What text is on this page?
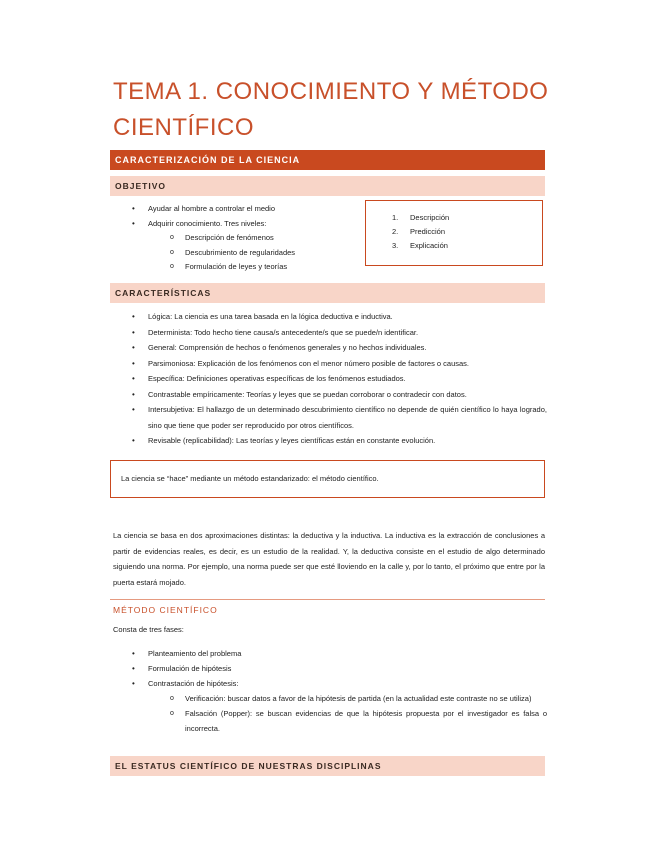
TEMA 1. CONOCIMIENTO Y MÉTODO CIENTÍFICO
CARACTERIZACIÓN DE LA CIENCIA
OBJETIVO
• Ayudar al hombre a controlar el medio
• Adquirir conocimiento. Tres niveles:
o Descripción de fenómenos
o Descubrimiento de regularidades
o Formulación de leyes y teorías
1. Descripción
2. Predicción
3. Explicación
CARACTERÍSTICAS
• Lógica: La ciencia es una tarea basada en la lógica deductiva e inductiva.
• Determinista: Todo hecho tiene causa/s antecedente/s que se puede/n identificar.
• General: Comprensión de hechos o fenómenos generales y no hechos individuales.
• Parsimoniosa: Explicación de los fenómenos con el menor número posible de factores o causas.
• Específica: Definiciones operativas específicas de los fenómenos estudiados.
• Contrastable empíricamente: Teorías y leyes que se puedan corroborar o contradecir con datos.
• Intersubjetiva: El hallazgo de un determinado descubrimiento científico no depende de quién científico lo haya logrado, sino que tiene que poder ser reproducido por otros científicos.
• Revisable (replicabilidad): Las teorías y leyes científicas están en constante evolución.
La ciencia se “hace” mediante un método estandarizado: el método científico.
La ciencia se basa en dos aproximaciones distintas: la deductiva y la inductiva. La inductiva es la extracción de conclusiones a partir de evidencias reales, es decir, es un estudio de la realidad. Y, la deductiva consiste en el estudio de algo determinado siguiendo una norma. Por ejemplo, una norma puede ser que esté lloviendo en la calle y, por lo tanto, el próximo que entre por la puerta estará mojado.
MÉTODO CIENTÍFICO
Consta de tres fases:
• Planteamiento del problema
• Formulación de hipótesis
• Contrastación de hipótesis:
o Verificación: buscar datos a favor de la hipótesis de partida (en la actualidad este contraste no se utiliza)
o Falsación (Popper): se buscan evidencias de que la hipótesis propuesta por el investigador es falsa o incorrecta.
EL ESTATUS CIENTÍFICO DE NUESTRAS DISCIPLINAS
